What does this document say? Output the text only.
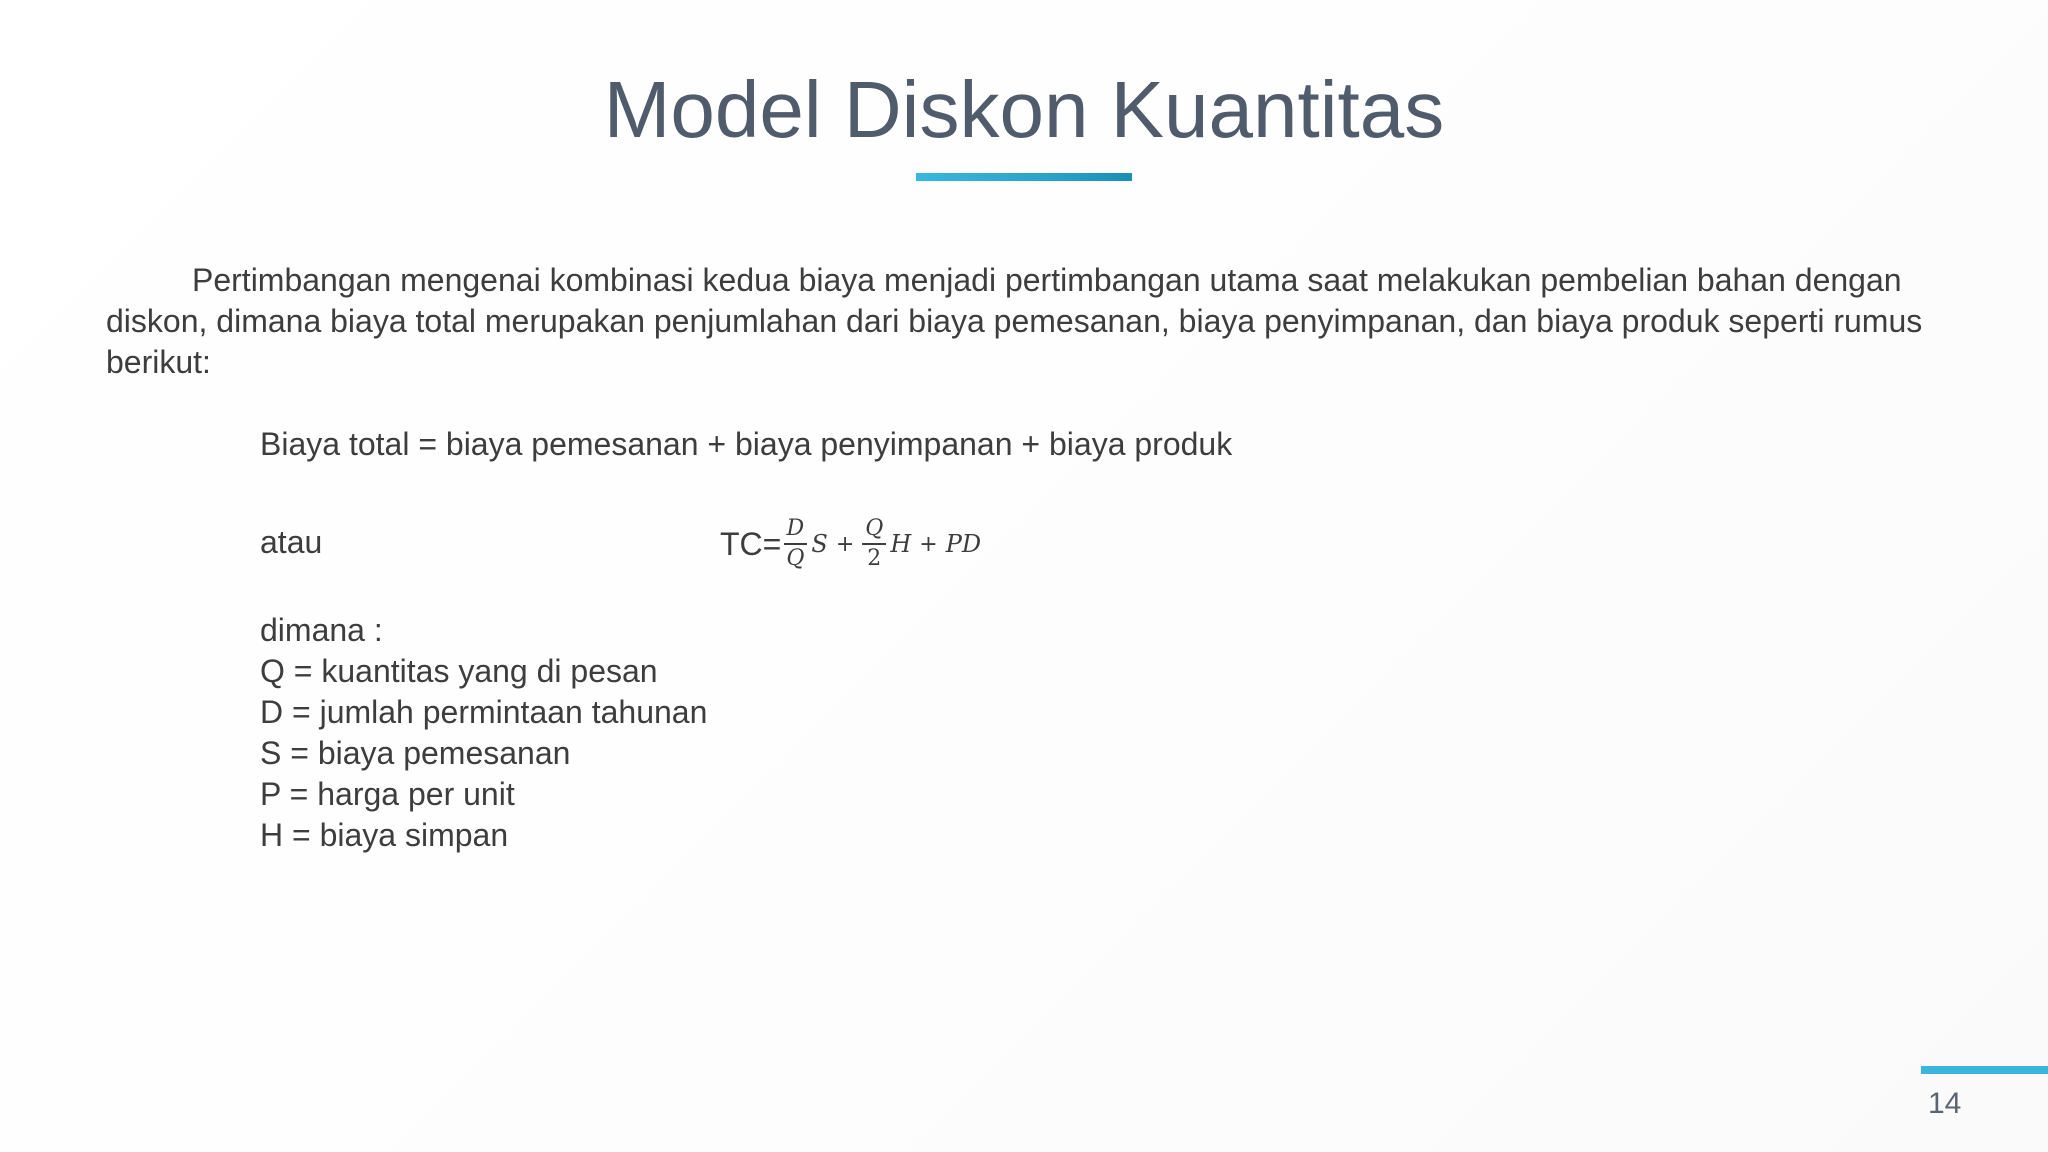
Model Diskon Kuantitas
Pertimbangan mengenai kombinasi kedua biaya menjadi pertimbangan utama saat melakukan pembelian bahan dengan diskon, dimana biaya total merupakan penjumlahan dari biaya pemesanan, biaya penyimpanan, dan biaya produk seperti rumus berikut:
Biaya total = biaya pemesanan + biaya penyimpanan + biaya produk
atau	$TC= \frac{D}{Q}$ $S + \frac{Q}{2}$ H + PD
dimana :
Q = kuantitas yang di pesan
D = jumlah permintaan tahunan
S = biaya pemesanan
P = harga per unit
H = biaya simpan
14
